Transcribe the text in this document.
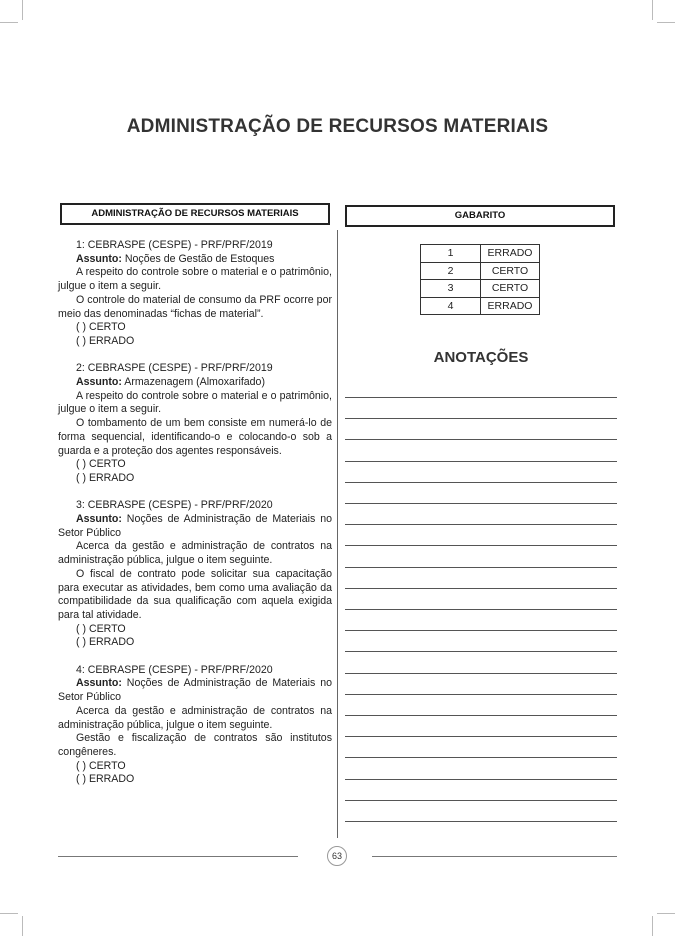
ADMINISTRAÇÃO DE RECURSOS MATERIAIS
ADMINISTRAÇÃO DE RECURSOS MATERIAIS	GABARITO

1: CEBRASPE (CESPE) - PRF/PRF/2019

Assunto: Noções de Gestão de Estoques

A respeito do controle sobre o material e o patrimônio, julgue o item a seguir.

O controle do material de consumo da PRF ocorre por meio das denominadas “fichas de material”.

( ) CERTO

( ) ERRADO

2: CEBRASPE (CESPE) - PRF/PRF/2019

Assunto: Armazenagem (Almoxarifado)

A respeito do controle sobre o material e o patrimônio, julgue o item a seguir.

O tombamento de um bem consiste em numerá-lo de forma sequencial, identificando-o e colocando-o sob a guarda e a proteção dos agentes responsáveis.

( ) CERTO

( ) ERRADO

3: CEBRASPE (CESPE) - PRF/PRF/2020

Assunto: Noções de Administração de Materiais no Setor Público

Acerca da gestão e administração de contratos na administração pública, julgue o item seguinte.

O fiscal de contrato pode solicitar sua capacitação para executar as atividades, bem como uma avaliação da compatibilidade da sua qualificação com aquela exigida para tal atividade.

( ) CERTO

( ) ERRADO

4: CEBRASPE (CESPE) - PRF/PRF/2020

Assunto: Noções de Administração de Materiais no Setor Público

Acerca da gestão e administração de contratos na administração pública, julgue o item seguinte.

Gestão e fiscalização de contratos são institutos congêneres.

( ) CERTO

( ) ERRADO

1	ERRADO
2	CERTO
3	CERTO
4	ERRADO
ANOTAÇÕES
63
